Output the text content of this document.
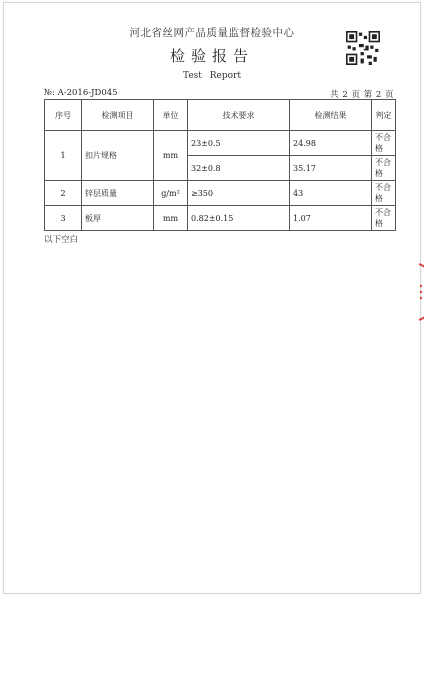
河北省丝网产品质量监督检验中心
检验报告
Test Report
№: A-2016-JD045	共 2 页 第 2 页
序号	检测项目	单位	技术要求	检测结果	判定
1	扣片规格	mm	23±0.5	24.98	不合格
			32±0.8	35.17	不合格
2	锌层质量	g/m²	≥350	43	不合格
3	板厚	mm	0.82±0.15	1.07	不合格
以下空白
